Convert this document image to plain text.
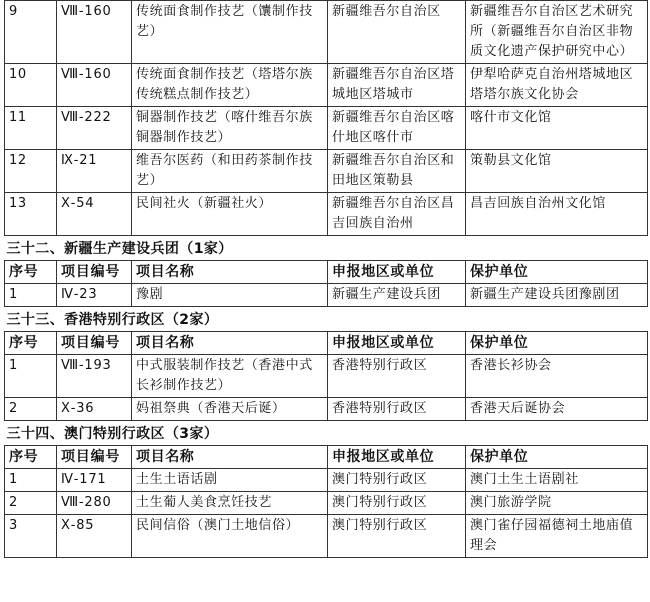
9	Ⅷ-160	传统面食制作技艺（馕制作技艺）	新疆维吾尔自治区	新疆维吾尔自治区艺术研究所（新疆维吾尔自治区非物质文化遗产保护研究中心）
10	Ⅷ-160	传统面食制作技艺（塔塔尔族传统糕点制作技艺）	新疆维吾尔自治区塔城地区塔城市	伊犁哈萨克自治州塔城地区塔塔尔族文化协会
11	Ⅷ-222	铜器制作技艺（喀什维吾尔族铜器制作技艺）	新疆维吾尔自治区喀什地区喀什市	喀什市文化馆
12	Ⅸ-21	维吾尔医药（和田药茶制作技艺）	新疆维吾尔自治区和田地区策勒县	策勒县文化馆
13	Ⅹ-54	民间社火（新疆社火）	新疆维吾尔自治区昌吉回族自治州	昌吉回族自治州文化馆
三十二、新疆生产建设兵团（1家）				
序号	项目编号	项目名称	申报地区或单位	保护单位
1	Ⅳ-23	豫剧	新疆生产建设兵团	新疆生产建设兵团豫剧团
三十三、香港特别行政区（2家）				
序号	项目编号	项目名称	申报地区或单位	保护单位
1	Ⅷ-193	中式服装制作技艺（香港中式长衫制作技艺）	香港特别行政区	香港长衫协会
2	Ⅹ-36	妈祖祭典（香港天后诞）	香港特别行政区	香港天后诞协会
三十四、澳门特别行政区（3家）				
序号	项目编号	项目名称	申报地区或单位	保护单位
1	Ⅳ-171	土生土语话剧	澳门特别行政区	澳门土生土语剧社
2	Ⅷ-280	土生葡人美食烹饪技艺	澳门特别行政区	澳门旅游学院
3	Ⅹ-85	民间信俗（澳门土地信俗）	澳门特别行政区	澳门雀仔园福德祠土地庙值理会
